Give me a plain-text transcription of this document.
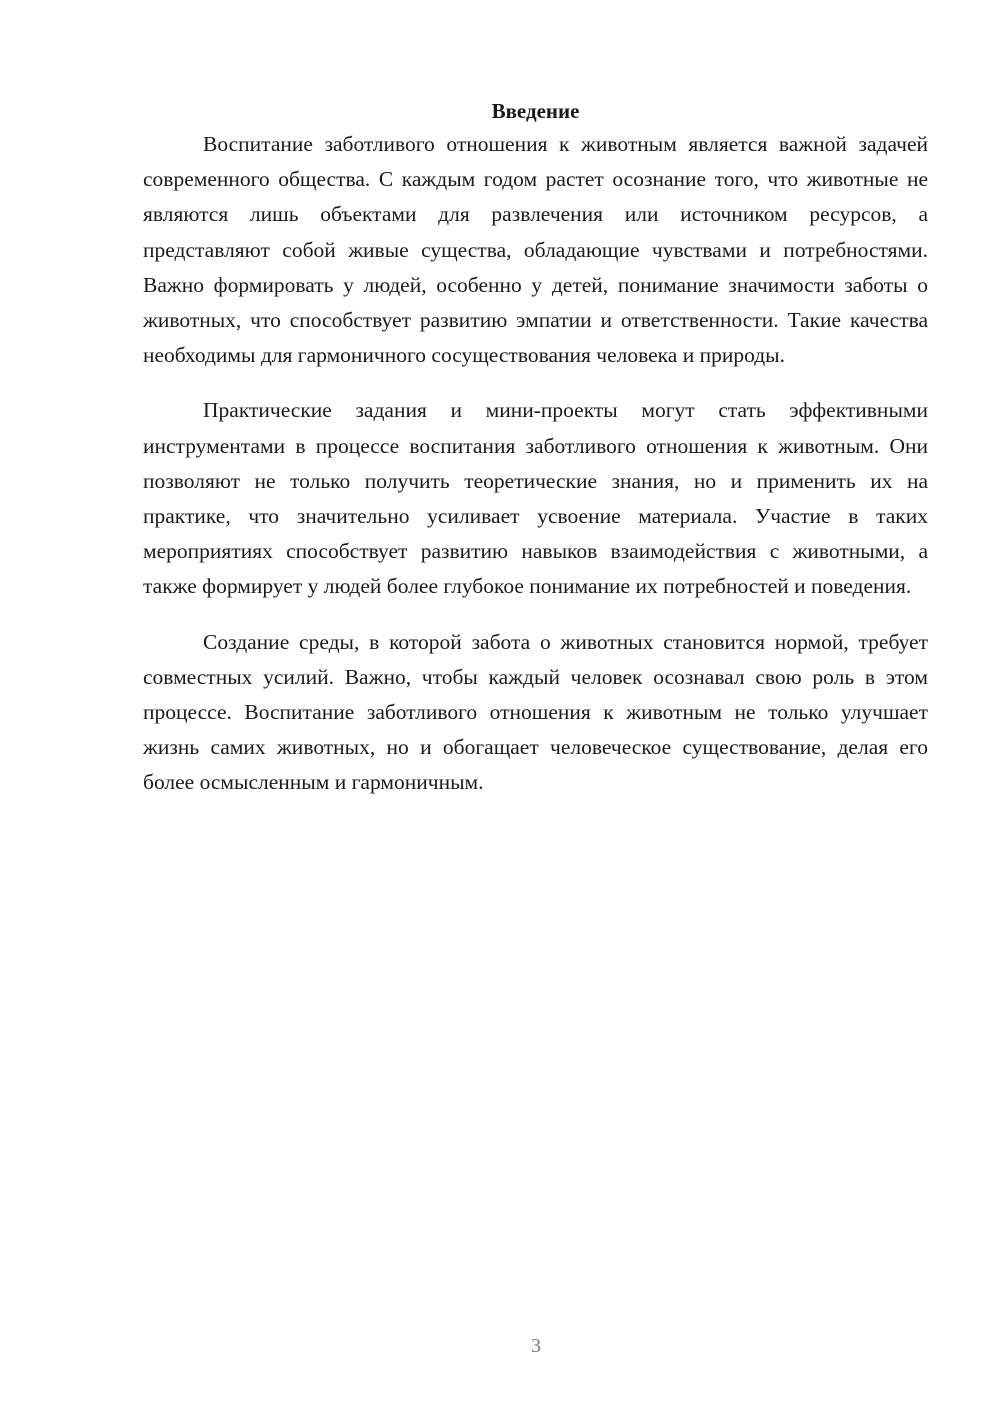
Введение

Воспитание заботливого отношения к животным является важной задачей современного общества. С каждым годом растет осознание того, что животные не являются лишь объектами для развлечения или источником ресурсов, а представляют собой живые существа, обладающие чувствами и потребностями. Важно формировать у людей, особенно у детей, понимание значимости заботы о животных, что способствует развитию эмпатии и ответственности. Такие качества необходимы для гармоничного сосуществования человека и природы.

Практические задания и мини-проекты могут стать эффективными инструментами в процессе воспитания заботливого отношения к животным. Они позволяют не только получить теоретические знания, но и применить их на практике, что значительно усиливает усвоение материала. Участие в таких мероприятиях способствует развитию навыков взаимодействия с животными, а также формирует у людей более глубокое понимание их потребностей и поведения.

Создание среды, в которой забота о животных становится нормой, требует совместных усилий. Важно, чтобы каждый человек осознавал свою роль в этом процессе. Воспитание заботливого отношения к животным не только улучшает жизнь самих животных, но и обогащает человеческое существование, делая его более осмысленным и гармоничным.

3
